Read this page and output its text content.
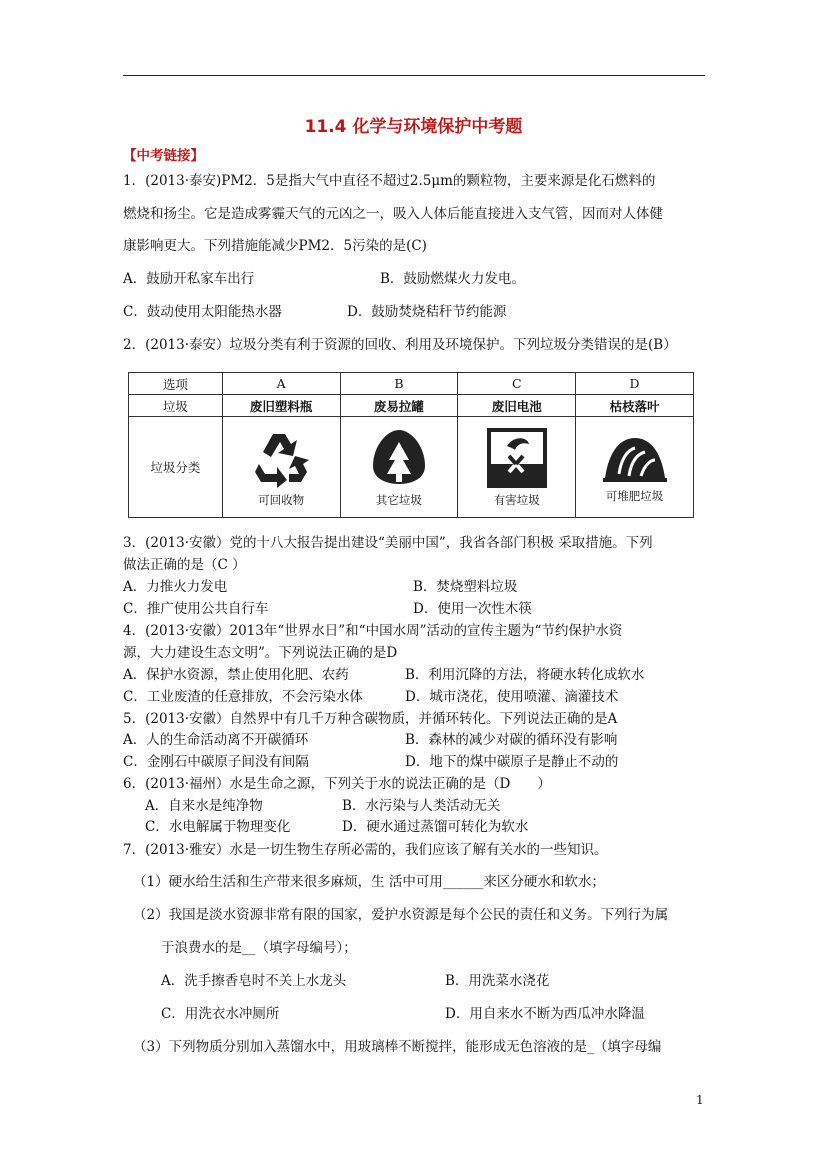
11.4 化学与环境保护中考题
【中考链接】
1．(2013·泰安)PM2．5是指大气中直径不超过2.5μm的颗粒物，主要来源是化石燃料的
燃烧和扬尘。它是造成雾霾天气的元凶之一，吸入人体后能直接进入支气管，因而对人体健
康影响更大。下列措施能减少PM2．5污染的是(C)
A．鼓励开私家车出行	B．鼓励燃煤火力发电。
C．鼓动使用太阳能热水器	D．鼓励焚烧秸秆节约能源
2．(2013·泰安）垃圾分类有利于资源的回收、利用及环境保护。下列垃圾分类错误的是(B）
选项	A	B	C	D
垃圾	废旧塑料瓶	废易拉罐	废旧电池	枯枝落叶
垃圾分类	可回收物	其它垃圾	有害垃圾	可堆肥垃圾
3．(2013·安徽）党的十八大报告提出建设“美丽中国”，我省各部门积极 采取措施。下列
做法正确的是（C ）
A．力推火力发电	B．焚烧塑料垃圾
C．推广使用公共自行车	D．使用一次性木筷
4．(2013·安徽）2013年“世界水日”和“中国水周”活动的宣传主题为“节约保护水资
源，大力建设生态文明”。下列说法正确的是D
A．保护水资源，禁止使用化肥、农药	B．利用沉降的方法，将硬水转化成软水
C．工业废渣的任意排放，不会污染水体	D．城市浇花，使用喷灌、滴灌技术
5．(2013·安徽）自然界中有几千万种含碳物质，并循环转化。下列说法正确的是A
A．人的生命活动离不开碳循环	B．森林的减少对碳的循环没有影响
C．金刚石中碳原子间没有间隔	D．地下的煤中碳原子是静止不动的
6．(2013·福州）水是生命之源，下列关于水的说法正确的是（D　　）
A．自来水是纯净物	B．水污染与人类活动无关
C．水电解属于物理变化	D．硬水通过蒸馏可转化为软水
7．(2013·雅安）水是一切生物生存所必需的，我们应该了解有关水的一些知识。
（1）硬水给生活和生产带来很多麻烦，生 活中可用______来区分硬水和软水；
（2）我国是淡水资源非常有限的国家，爱护水资源是每个公民的责任和义务。下列行为属
于浪费水的是__（填字母编号）；
A．洗手擦香皂时不关上水龙头	B．用洗菜水浇花
C．用洗衣水冲厕所	D．用自来水不断为西瓜冲水降温
（3）下列物质分别加入蒸馏水中，用玻璃棒不断搅拌，能形成无色溶液的是_（填字母编
1
